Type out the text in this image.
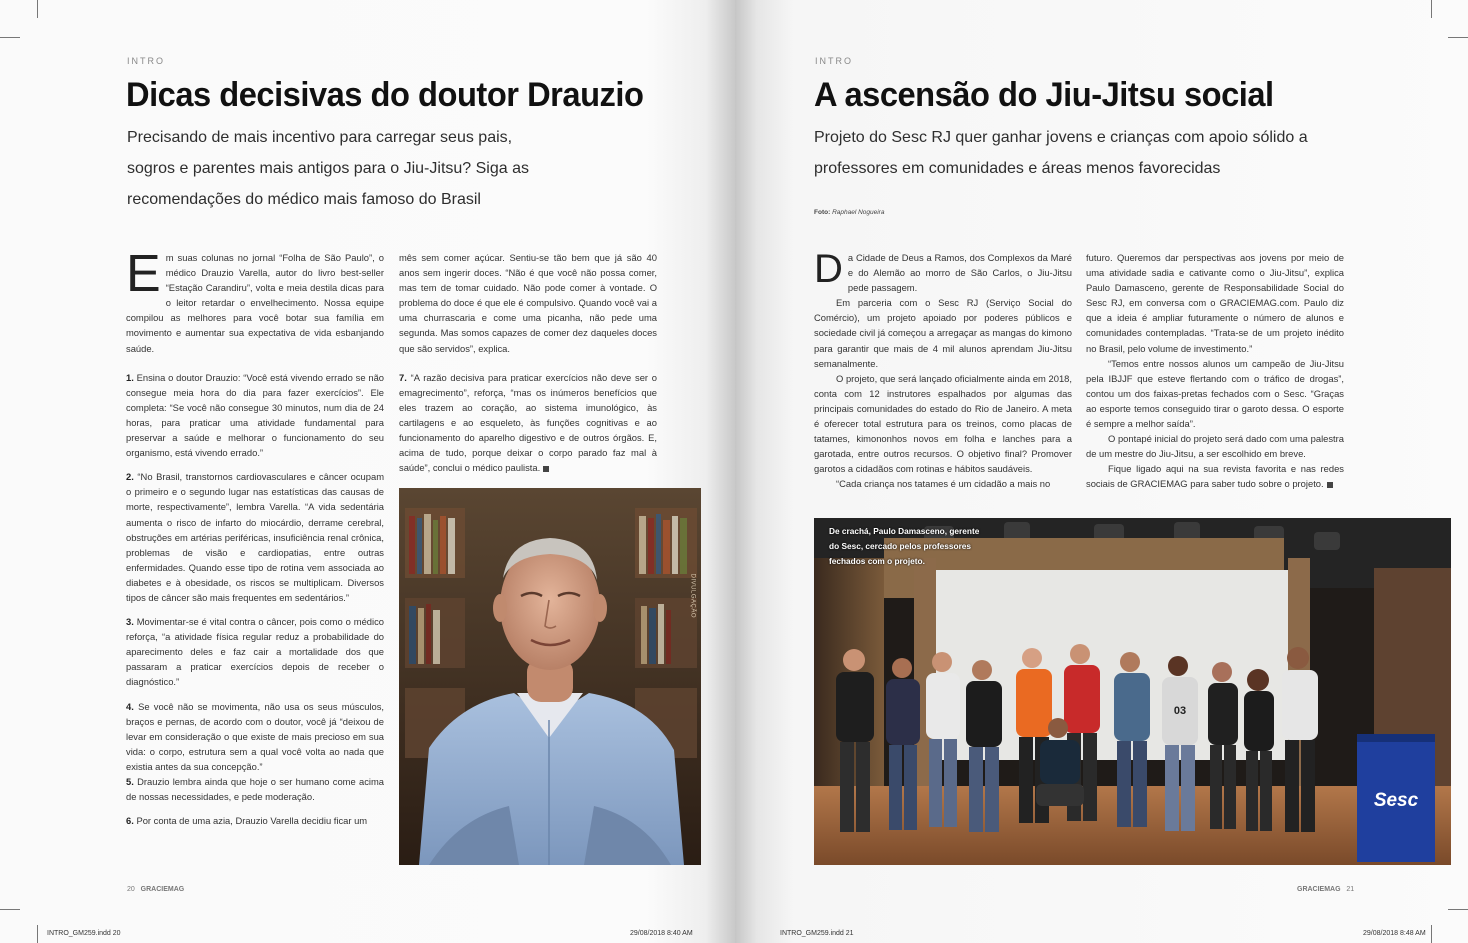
INTRO
Dicas decisivas do doutor Drauzio
Precisando de mais incentivo para carregar seus pais,
sogros e parentes mais antigos para o Jiu-Jitsu? Siga as
recomendações do médico mais famoso do Brasil

E m suas colunas no jornal “Folha de São Paulo”, o médico Drauzio Varella, autor do livro best-seller “Estação Carandiru”, volta e meia destila dicas para o leitor retardar o envelhecimento. Nossa equipe compilou as melhores para você botar sua família em movimento e aumentar sua expectativa de vida esbanjando saúde.

1. Ensina o doutor Drauzio: “Você está vivendo errado se não consegue meia hora do dia para fazer exercícios”. Ele completa: “Se você não consegue 30 minutos, num dia de 24 horas, para praticar uma atividade fundamental para preservar a saúde e melhorar o funcionamento do seu organismo, está vivendo errado.”

2. “No Brasil, transtornos cardiovasculares e câncer ocupam o primeiro e o segundo lugar nas estatísticas das causas de morte, respectivamente”, lembra Varella. “A vida sedentária aumenta o risco de infarto do miocárdio, derrame cerebral, obstruções em artérias periféricas, insuficiência renal crônica, problemas de visão e cardiopatias, entre outras enfermidades. Quando esse tipo de rotina vem associada ao diabetes e à obesidade, os riscos se multiplicam. Diversos tipos de câncer são mais frequentes em sedentários.”

3. Movimentar-se é vital contra o câncer, pois como o médico reforça, “a atividade física regular reduz a probabilidade do aparecimento deles e faz cair a mortalidade dos que passaram a praticar exercícios depois de receber o diagnóstico.”

4. Se você não se movimenta, não usa os seus músculos, braços e pernas, de acordo com o doutor, você já “deixou de levar em consideração o que existe de mais precioso em sua vida: o corpo, estrutura sem a qual você volta ao nada que existia antes da sua concepção.”

5. Drauzio lembra ainda que hoje o ser humano come acima de nossas necessidades, e pede moderação.

6. Por conta de uma azia, Drauzio Varella decidiu ficar um

mês sem comer açúcar. Sentiu-se tão bem que já são 40 anos sem ingerir doces. “Não é que você não possa comer, mas tem de tomar cuidado. Não pode comer à vontade. O problema do doce é que ele é compulsivo. Quando você vai a uma churrascaria e come uma picanha, não pede uma segunda. Mas somos capazes de comer dez daqueles doces que são servidos”, explica.

7. “A razão decisiva para praticar exercícios não deve ser o emagrecimento”, reforça, “mas os inúmeros benefícios que eles trazem ao coração, ao sistema imunológico, às cartilagens e ao esqueleto, às funções cognitivas e ao funcionamento do aparelho digestivo e de outros órgãos. E, acima de tudo, porque deixar o corpo parado faz mal à saúde”, conclui o médico paulista.

DIVULGAÇÃO
20 GRACIEMAG
INTRO_GM259.indd 20	29/08/2018 8:40 AM
INTRO
A ascensão do Jiu-Jitsu social
Projeto do Sesc RJ quer ganhar jovens e crianças com apoio sólido a
professores em comunidades e áreas menos favorecidas
Foto: Raphael Nogueira

D a Cidade de Deus a Ramos, dos Complexos da Maré e do Alemão ao morro de São Carlos, o Jiu-Jitsu pede passagem.

Em parceria com o Sesc RJ (Serviço Social do Comércio), um projeto apoiado por poderes públicos e sociedade civil já começou a arregaçar as mangas do kimono para garantir que mais de 4 mil alunos aprendam Jiu-Jitsu semanalmente.

O projeto, que será lançado oficialmente ainda em 2018, conta com 12 instrutores espalhados por algumas das principais comunidades do estado do Rio de Janeiro. A meta é oferecer total estrutura para os treinos, como placas de tatames, kimononhos novos em folha e lanches para a garotada, entre outros recursos. O objetivo final? Promover garotos a cidadãos com rotinas e hábitos saudáveis.

“Cada criança nos tatames é um cidadão a mais no

futuro. Queremos dar perspectivas aos jovens por meio de uma atividade sadia e cativante como o Jiu-Jitsu”, explica Paulo Damasceno, gerente de Responsabilidade Social do Sesc RJ, em conversa com o GRACIEMAG.com. Paulo diz que a ideia é ampliar futuramente o número de alunos e comunidades contempladas. “Trata-se de um projeto inédito no Brasil, pelo volume de investimento.”

“Temos entre nossos alunos um campeão de Jiu-Jitsu pela IBJJF que esteve flertando com o tráfico de drogas”, contou um dos faixas-pretas fechados com o Sesc. “Graças ao esporte temos conseguido tirar o garoto dessa. O esporte é sempre a melhor saída”.

O pontapé inicial do projeto será dado com uma palestra de um mestre do Jiu-Jitsu, a ser escolhido em breve.

Fique ligado aqui na sua revista favorita e nas redes sociais de GRACIEMAG para saber tudo sobre o projeto.

Sesc
03
De crachá, Paulo Damasceno, gerente do Sesc, cercado pelos professores fechados com o projeto.
GRACIEMAG 21
INTRO_GM259.indd 21	29/08/2018 8:48 AM
